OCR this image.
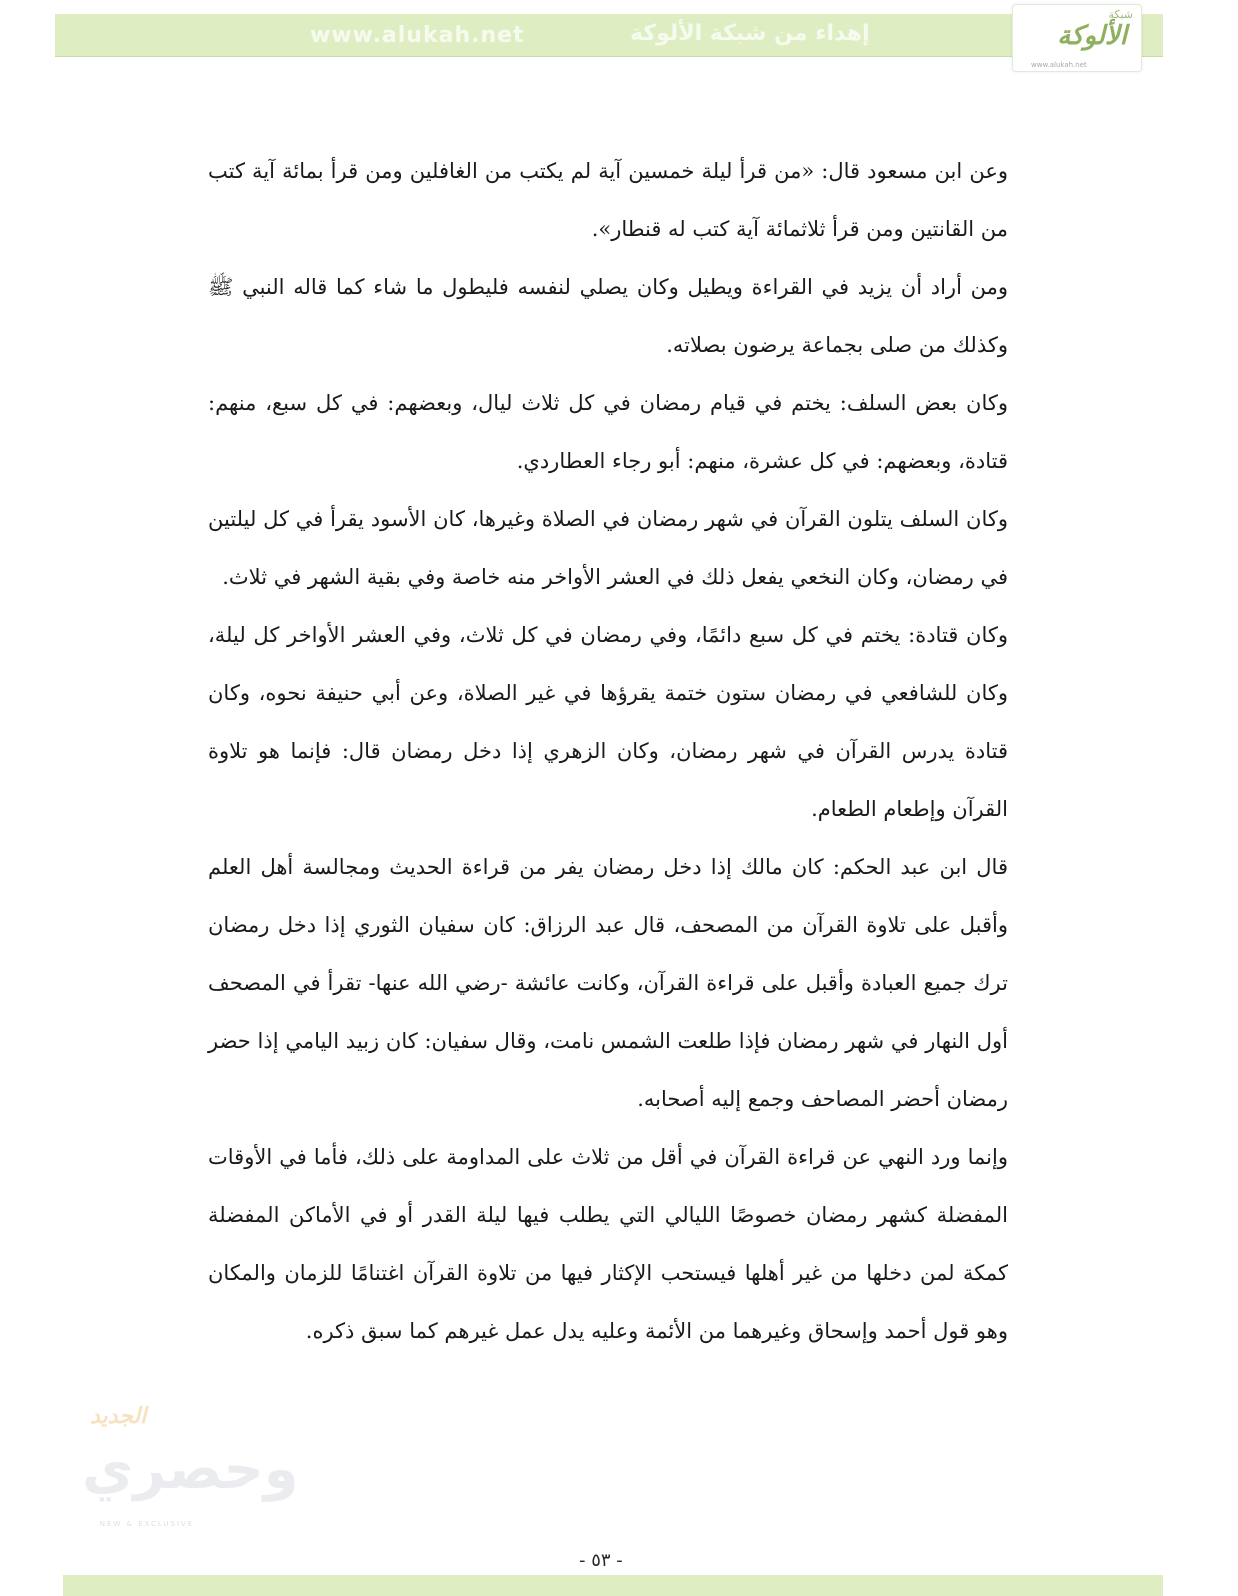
www.alukah.net	إهداء من شبكة الألوكة
شبكة
الألوكة
www.alukah.net

وعن ابن مسعود قال: «من قرأ ليلة خمسين آية لم يكتب من الغافلين ومن قرأ بمائة آية كتب من القانتين ومن قرأ ثلاثمائة آية كتب له قنطار».

ومن أراد أن يزيد في القراءة ويطيل وكان يصلي لنفسه فليطول ما شاء كما قاله النبي ﷺ وكذلك من صلى بجماعة يرضون بصلاته.

وكان بعض السلف: يختم في قيام رمضان في كل ثلاث ليال، وبعضهم: في كل سبع، منهم: قتادة، وبعضهم: في كل عشرة، منهم: أبو رجاء العطاردي.

وكان السلف يتلون القرآن في شهر رمضان في الصلاة وغيرها، كان الأسود يقرأ في كل ليلتين في رمضان، وكان النخعي يفعل ذلك في العشر الأواخر منه خاصة وفي بقية الشهر في ثلاث.

وكان قتادة: يختم في كل سبع دائمًا، وفي رمضان في كل ثلاث، وفي العشر الأواخر كل ليلة، وكان للشافعي في رمضان ستون ختمة يقرؤها في غير الصلاة، وعن أبي حنيفة نحوه، وكان قتادة يدرس القرآن في شهر رمضان، وكان الزهري إذا دخل رمضان قال: فإنما هو تلاوة القرآن وإطعام الطعام.

قال ابن عبد الحكم: كان مالك إذا دخل رمضان يفر من قراءة الحديث ومجالسة أهل العلم وأقبل على تلاوة القرآن من المصحف، قال عبد الرزاق: كان سفيان الثوري إذا دخل رمضان ترك جميع العبادة وأقبل على قراءة القرآن، وكانت عائشة -رضي الله عنها- تقرأ في المصحف أول النهار في شهر رمضان فإذا طلعت الشمس نامت، وقال سفيان: كان زبيد اليامي إذا حضر رمضان أحضر المصاحف وجمع إليه أصحابه.

وإنما ورد النهي عن قراءة القرآن في أقل من ثلاث على المداومة على ذلك، فأما في الأوقات المفضلة كشهر رمضان خصوصًا الليالي التي يطلب فيها ليلة القدر أو في الأماكن المفضلة كمكة لمن دخلها من غير أهلها فيستحب الإكثار فيها من تلاوة القرآن اغتنامًا للزمان والمكان وهو قول أحمد وإسحاق وغيرهما من الأئمة وعليه يدل عمل غيرهم كما سبق ذكره.

الجديد
وحصري
NEW & EXCLUSIVE
- ٥٣ -
